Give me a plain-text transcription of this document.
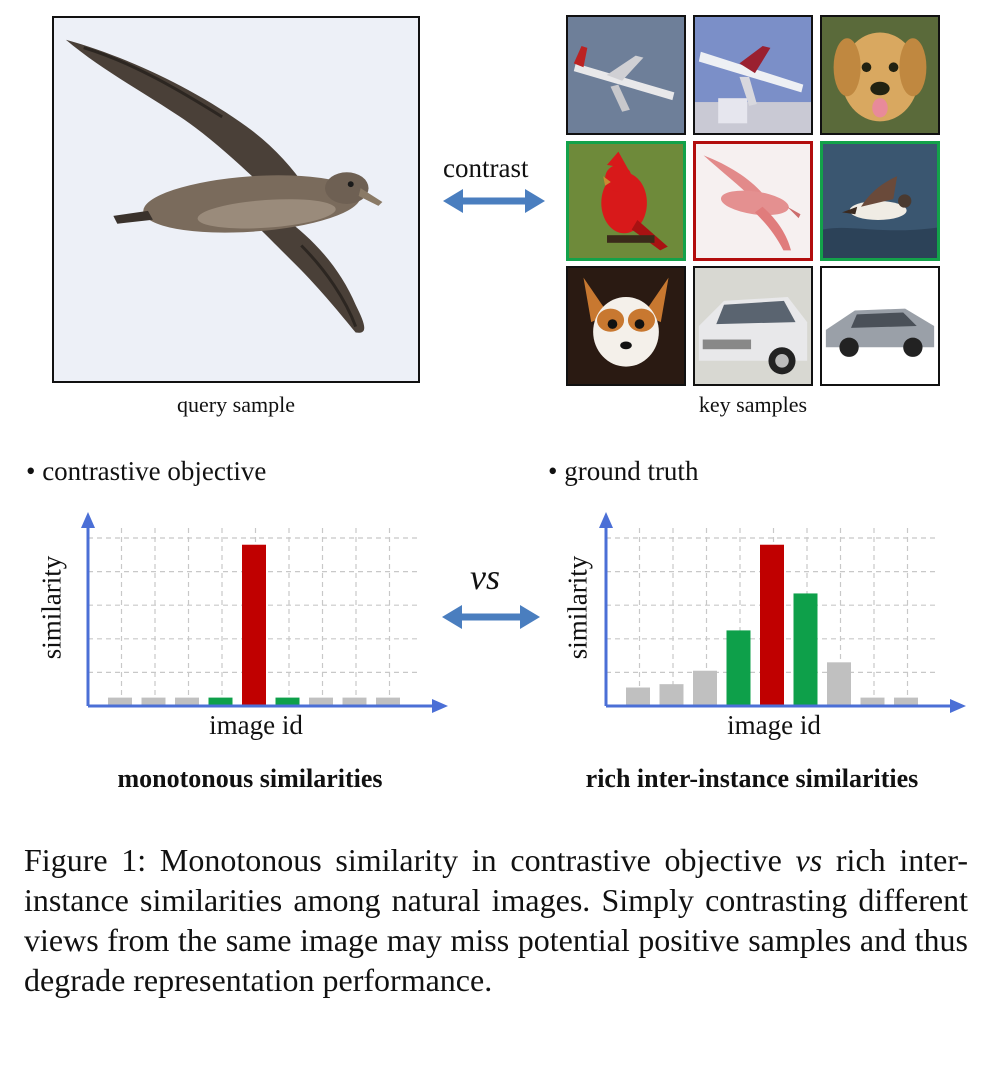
query sample
contrast
key samples
• contrastive objective
similarity
image id
monotonous similarities
vs
• ground truth
similarity
image id
rich inter-instance similarities

Figure 1: Monotonous similarity in contrastive objective vs rich inter-instance similarities among natural images. Simply contrasting different views from the same image may miss potential positive samples and thus degrade representation performance.
